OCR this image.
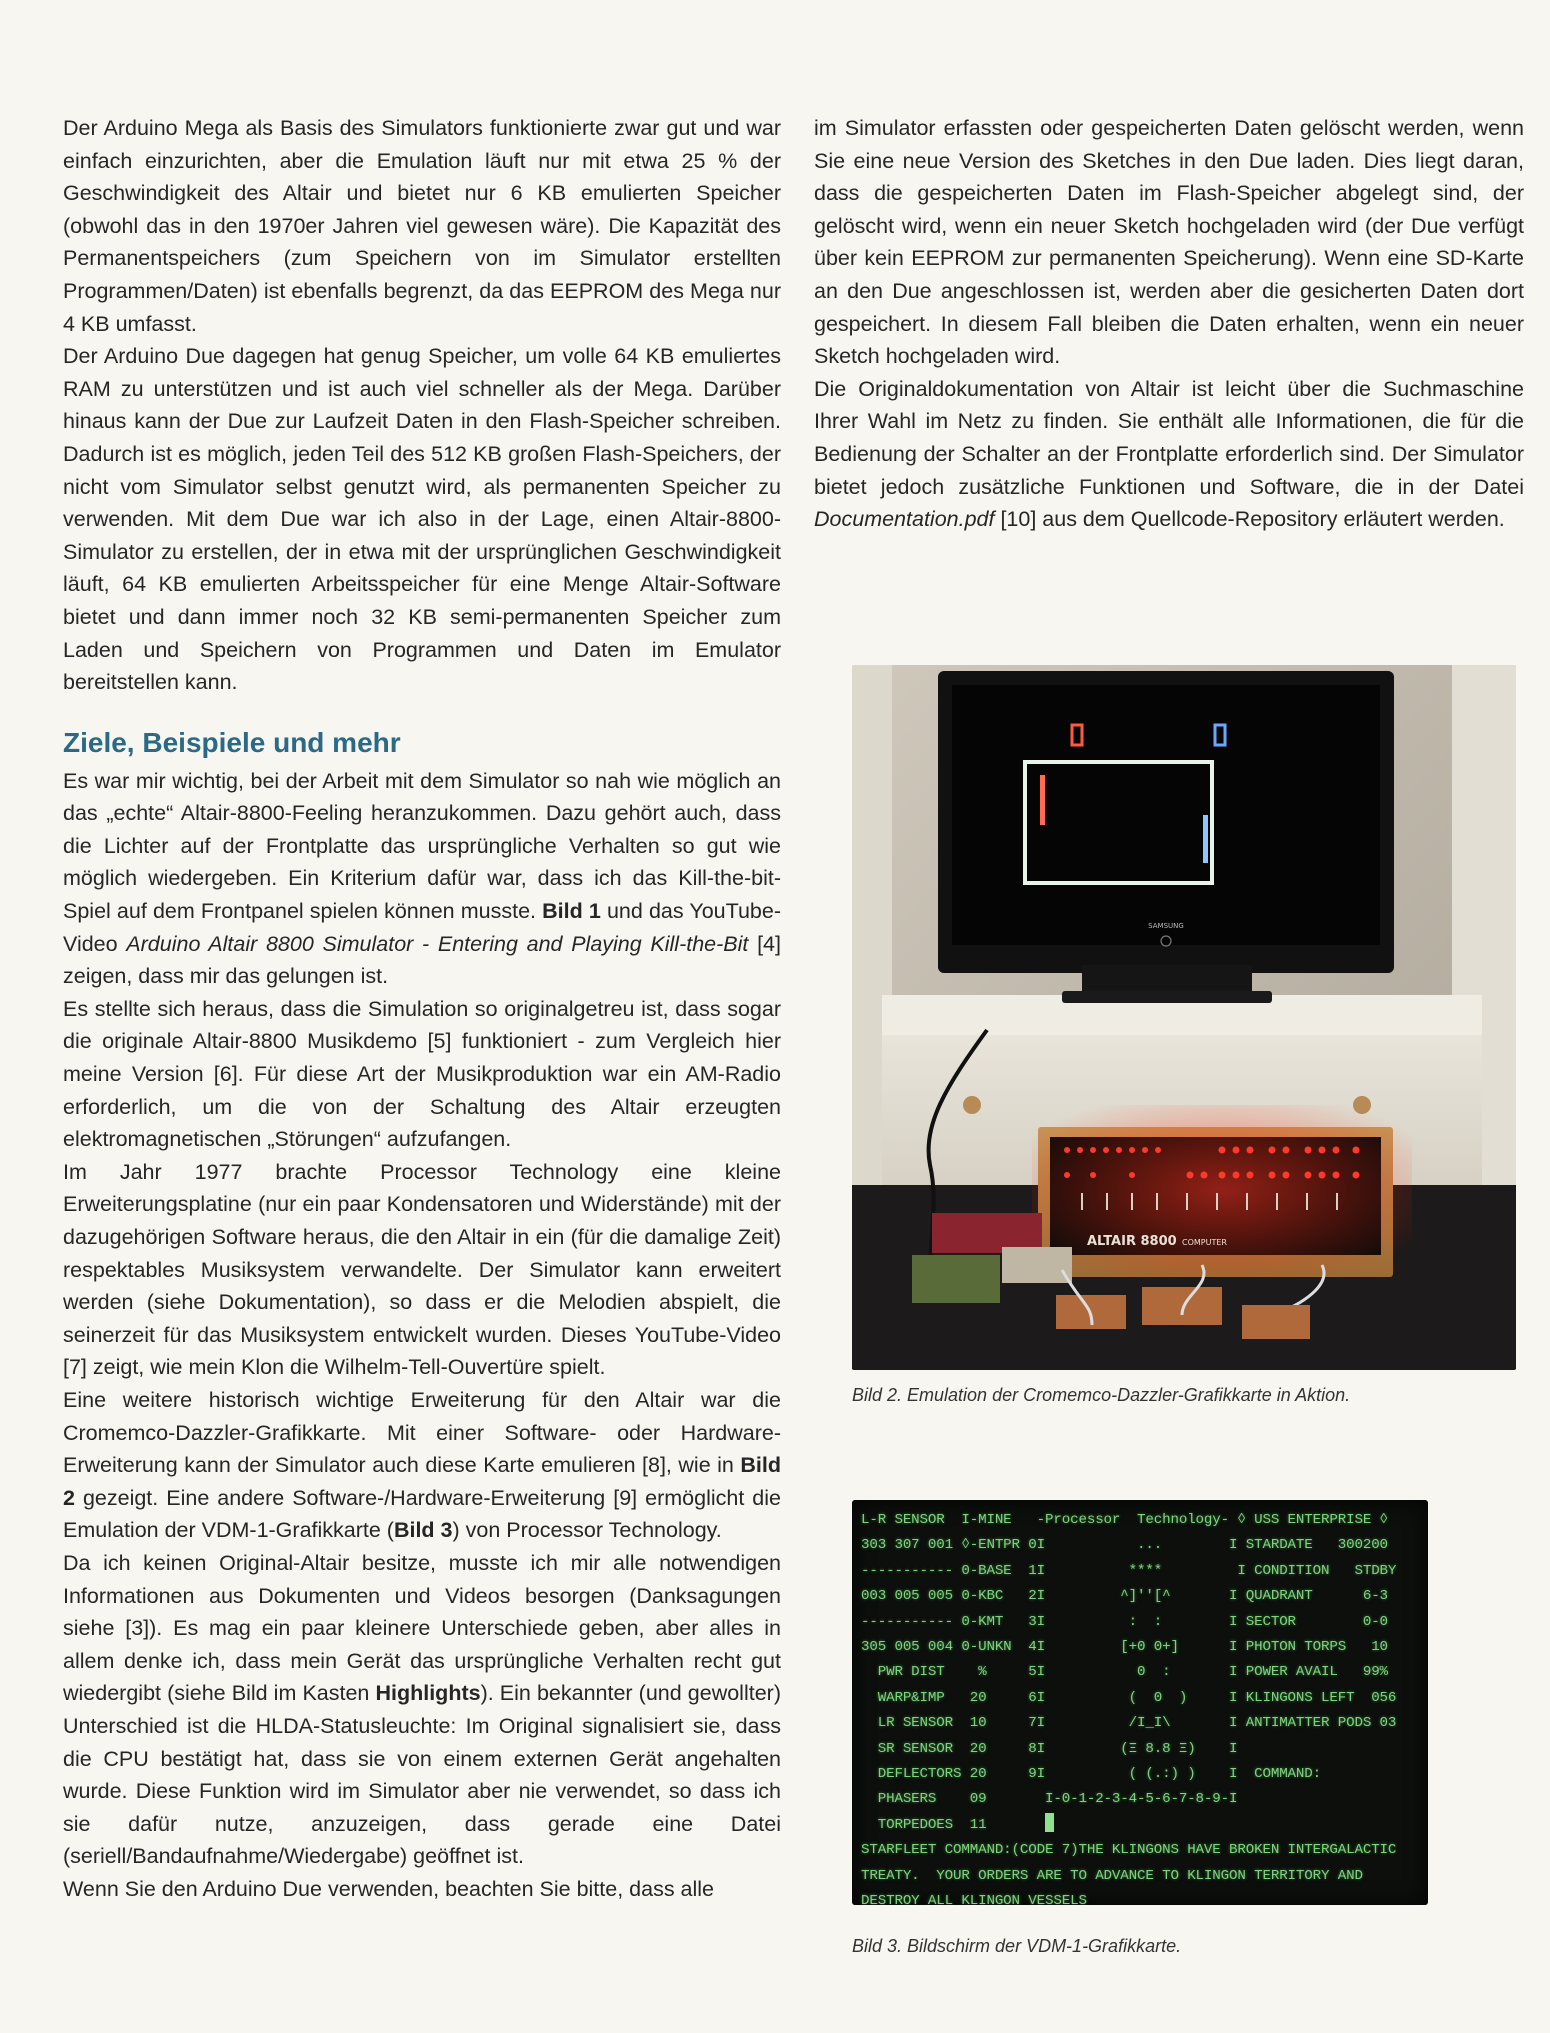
Der Arduino Mega als Basis des Simulators funktionierte zwar gut und war einfach einzurichten, aber die Emulation läuft nur mit etwa 25 % der Geschwindigkeit des Altair und bietet nur 6 KB emulierten Speicher (obwohl das in den 1970er Jahren viel gewesen wäre). Die Kapazität des Permanentspeichers (zum Speichern von im Simulator erstellten Programmen/Daten) ist ebenfalls begrenzt, da das EEPROM des Mega nur 4 KB umfasst.

Der Arduino Due dagegen hat genug Speicher, um volle 64 KB emuliertes RAM zu unterstützen und ist auch viel schneller als der Mega. Darüber hinaus kann der Due zur Laufzeit Daten in den Flash-Speicher schreiben. Dadurch ist es möglich, jeden Teil des 512 KB großen Flash-Speichers, der nicht vom Simulator selbst genutzt wird, als permanenten Speicher zu verwenden. Mit dem Due war ich also in der Lage, einen Altair-8800-Simulator zu erstellen, der in etwa mit der ursprünglichen Geschwindigkeit läuft, 64 KB emulierten Arbeitsspeicher für eine Menge Altair-Software bietet und dann immer noch 32 KB semi-permanenten Speicher zum Laden und Speichern von Programmen und Daten im Emulator bereitstellen kann.

Ziele, Beispiele und mehr

Es war mir wichtig, bei der Arbeit mit dem Simulator so nah wie möglich an das „echte“ Altair-8800-Feeling heranzukommen. Dazu gehört auch, dass die Lichter auf der Frontplatte das ursprüngliche Verhalten so gut wie möglich wiedergeben. Ein Kriterium dafür war, dass ich das Kill-the-bit-Spiel auf dem Frontpanel spielen können musste. Bild 1 und das YouTube-Video Arduino Altair 8800 Simulator - Entering and Playing Kill-the-Bit [4] zeigen, dass mir das gelungen ist.

Es stellte sich heraus, dass die Simulation so originalgetreu ist, dass sogar die originale Altair-8800 Musikdemo [5] funktioniert - zum Vergleich hier meine Version [6]. Für diese Art der Musikproduktion war ein AM-Radio erforderlich, um die von der Schaltung des Altair erzeugten elektromagnetischen „Störungen“ aufzufangen.

Im Jahr 1977 brachte Processor Technology eine kleine Erweiterungsplatine (nur ein paar Kondensatoren und Widerstände) mit der dazugehörigen Software heraus, die den Altair in ein (für die damalige Zeit) respektables Musiksystem verwandelte. Der Simulator kann erweitert werden (siehe Dokumentation), so dass er die Melodien abspielt, die seinerzeit für das Musiksystem entwickelt wurden. Dieses YouTube-Video [7] zeigt, wie mein Klon die Wilhelm-Tell-Ouvertüre spielt.

Eine weitere historisch wichtige Erweiterung für den Altair war die Cromemco-Dazzler-Grafikkarte. Mit einer Software- oder Hardware-Erweiterung kann der Simulator auch diese Karte emulieren [8], wie in Bild 2 gezeigt. Eine andere Software-/Hardware-Erweiterung [9] ermöglicht die Emulation der VDM-1-Grafikkarte (Bild 3) von Processor Technology.

Da ich keinen Original-Altair besitze, musste ich mir alle notwendigen Informationen aus Dokumenten und Videos besorgen (Danksagungen siehe [3]). Es mag ein paar kleinere Unterschiede geben, aber alles in allem denke ich, dass mein Gerät das ursprüngliche Verhalten recht gut wiedergibt (siehe Bild im Kasten Highlights). Ein bekannter (und gewollter) Unterschied ist die HLDA-Statusleuchte: Im Original signalisiert sie, dass die CPU bestätigt hat, dass sie von einem externen Gerät angehalten wurde. Diese Funktion wird im Simulator aber nie verwendet, so dass ich sie dafür nutze, anzuzeigen, dass gerade eine Datei (seriell/Bandaufnahme/Wiedergabe) geöffnet ist.

Wenn Sie den Arduino Due verwenden, beachten Sie bitte, dass alle

im Simulator erfassten oder gespeicherten Daten gelöscht werden, wenn Sie eine neue Version des Sketches in den Due laden. Dies liegt daran, dass die gespeicherten Daten im Flash-Speicher abgelegt sind, der gelöscht wird, wenn ein neuer Sketch hochgeladen wird (der Due verfügt über kein EEPROM zur permanenten Speicherung). Wenn eine SD-Karte an den Due angeschlossen ist, werden aber die gesicherten Daten dort gespeichert. In diesem Fall bleiben die Daten erhalten, wenn ein neuer Sketch hochgeladen wird.

Die Originaldokumentation von Altair ist leicht über die Suchmaschine Ihrer Wahl im Netz zu finden. Sie enthält alle Informationen, die für die Bedienung der Schalter an der Frontplatte erforderlich sind. Der Simulator bietet jedoch zusätzliche Funktionen und Software, die in der Datei Documentation.pdf [10] aus dem Quellcode-Repository erläutert werden.

SAMSUNG
ALTAIR 8800 COMPUTER
Bild 2. Emulation der Cromemco-Dazzler-Grafikkarte in Aktion.
L-R SENSOR  I-MINE   -Processor  Technology- ◊ USS ENTERPRISE ◊
303 307 001 ◊-ENTPR 0I           ...        I STARDATE   300200
----------- 0-BASE  1I          ****         I CONDITION   STDBY
003 005 005 0-KBC   2I         ^]''[^       I QUADRANT      6-3
----------- 0-KMT   3I          :  :        I SECTOR        0-0
305 005 004 0-UNKN  4I         [+0 0+]      I PHOTON TORPS   10
PWR DIST    %     5I           0  :       I POWER AVAIL   99%
WARP&IMP   20     6I          (  0  )     I KLINGONS LEFT  056
LR SENSOR  10     7I          /I_I\       I ANTIMATTER PODS 03
SR SENSOR  20     8I         (Ξ 8.8 Ξ)    I
DEFLECTORS 20     9I          ( (.:) )    I  COMMAND:
PHASERS    09       I-0-1-2-3-4-5-6-7-8-9-I
TORPEDOES  11
STARFLEET COMMAND:(CODE 7)THE KLINGONS HAVE BROKEN INTERGALACTIC
TREATY.  YOUR ORDERS ARE TO ADVANCE TO KLINGON TERRITORY AND
DESTROY ALL KLINGON VESSELS
Bild 3. Bildschirm der VDM-1-Grafikkarte.
